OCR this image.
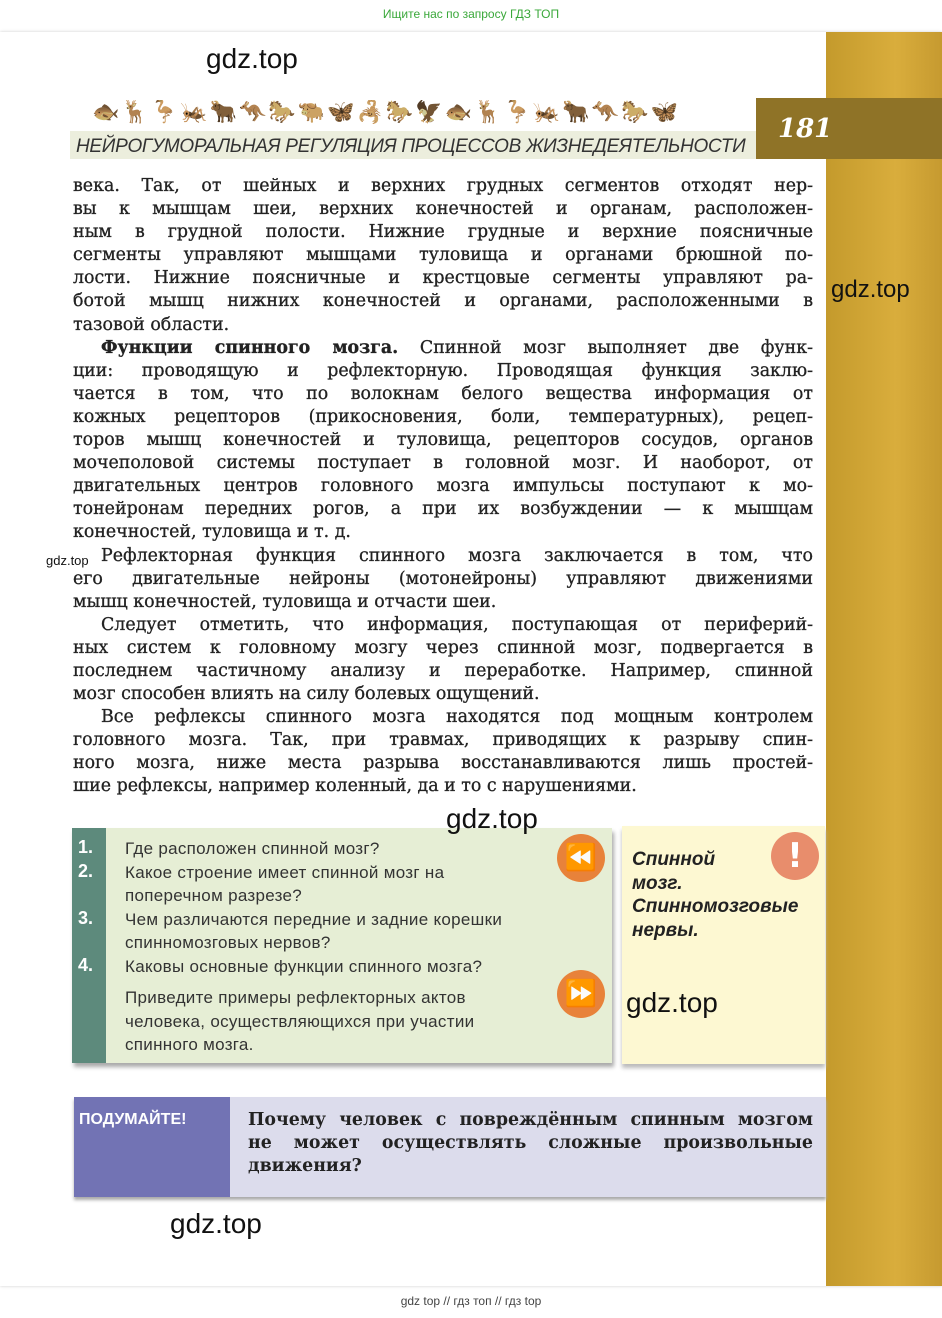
Ищите нас по запросу ГДЗ ТОП
181
🐟🦌🦩🦗🐂🦘🐎🐃🦋🦂🐎🦅🐟🦌🦩🦗🐂🦘🐎🦋
НЕЙРОГУМОРАЛЬНАЯ РЕГУЛЯЦИЯ ПРОЦЕССОВ ЖИЗНЕДЕЯТЕЛЬНОСТИ
gdz.top
gdz.top
gdz.top
века. Так, от шейных и верхних грудных сегментов отходят нер-
вы к мышцам шеи, верхних конечностей и органам, расположен-
ным в грудной полости. Нижние грудные и верхние поясничные
сегменты управляют мышцами туловища и органами брюшной по-
лости. Нижние поясничные и крестцовые сегменты управляют ра-
ботой мышц нижних конечностей и органами, расположенными в
тазовой области.
Функции спинного мозга. Спинной мозг выполняет две функ-
ции: проводящую и рефлекторную. Проводящая функция заклю-
чается в том, что по волокнам белого вещества информация от
кожных рецепторов (прикосновения, боли, температурных), рецеп-
торов мышц конечностей и туловища, рецепторов сосудов, органов
мочеполовой системы поступает в головной мозг. И наоборот, от
двигательных центров головного мозга импульсы поступают к мо-
тонейронам передних рогов, а при их возбуждении — к мышцам
конечностей, туловища и т. д.
Рефлекторная функция спинного мозга заключается в том, что
его двигательные нейроны (мотонейроны) управляют движениями
мышц конечностей, туловища и отчасти шеи.
Следует отметить, что информация, поступающая от периферий-
ных систем к головному мозгу через спинной мозг, подвергается в
последнем частичному анализу и переработке. Например, спинной
мозг способен влиять на силу болевых ощущений.
Все рефлексы спинного мозга находятся под мощным контролем
головного мозга. Так, при травмах, приводящих к разрыву спин-
ного мозга, ниже места разрыва восстанавливаются лишь простей-
шие рефлексы, например коленный, да и то с нарушениями.
gdz.top
1. Где расположен спинной мозг?
2. Какое строение имеет спинной мозг на
поперечном разрезе?
3. Чем различаются передние и задние корешки
спинномозговых нервов?
4. Каковы основные функции спинного мозга?
Приведите примеры рефлекторных актов
человека, осуществляющихся при участии
спинного мозга.
⏪
⏩
Спинной
мозг.
Спинномозговые
нервы.
!
gdz.top
ПОДУМАЙТЕ!	Почему человек с повреждённым спинным мозгом
не может осуществлять сложные произвольные
движения?
gdz.top
gdz top // гдз топ // гдз top
